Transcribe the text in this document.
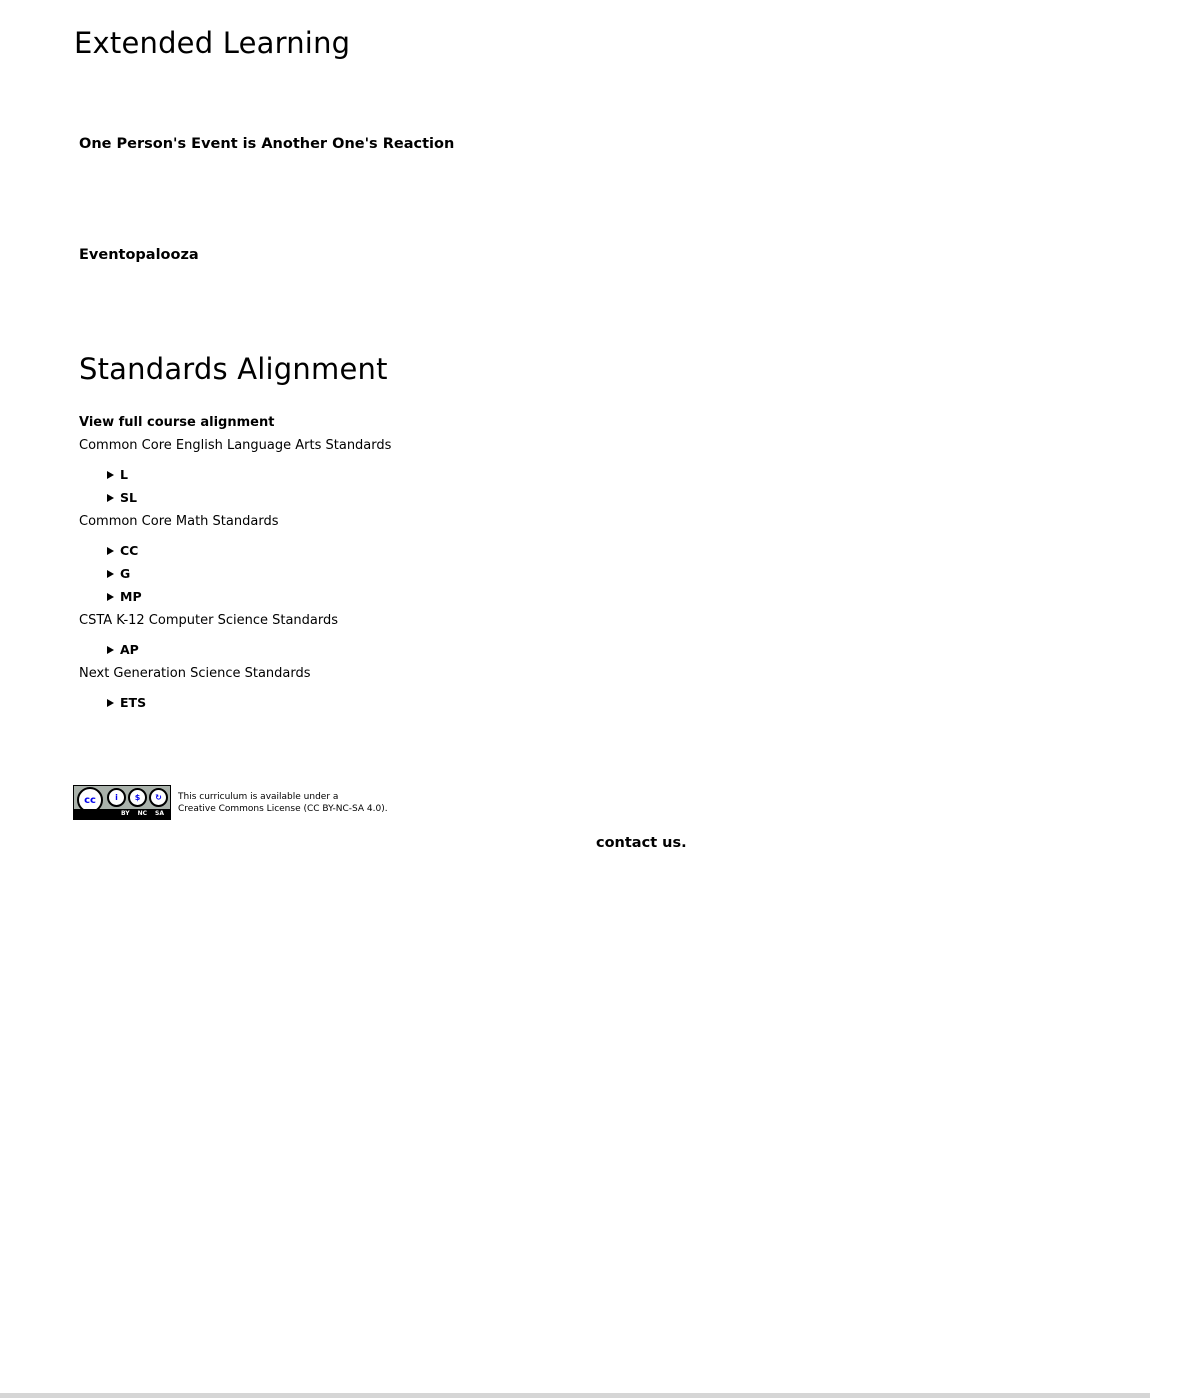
Extended Learning
One Person's Event is Another One's Reaction
Eventopalooza
Standards Alignment
View full course alignment

Common Core English Language Arts Standards

L
SL

Common Core Math Standards

CC
G
MP

CSTA K-12 Computer Science Standards

AP

Next Generation Science Standards

ETS
cc	i	$	↻
BY NC SA
This curriculum is available under a
Creative Commons License (CC BY-NC-SA 4.0).
contact us.
